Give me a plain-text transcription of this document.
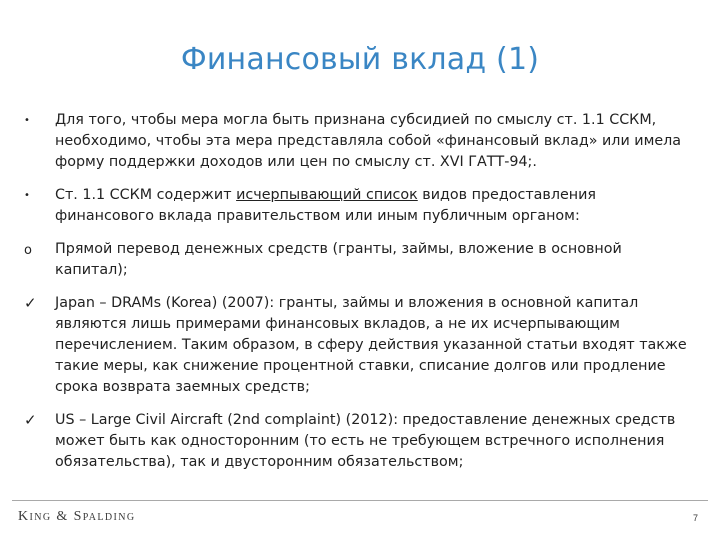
Финансовый вклад (1)
•	Для того, чтобы мера могла быть признана субсидией по смыслу ст. 1.1 ССКМ, необходимо, чтобы эта мера представляла собой «финансовый вклад» или имела форму поддержки доходов или цен по смыслу ст. XVI ГАТТ-94;.
•	Ст. 1.1 ССКМ содержит исчерпывающий список видов предоставления финансового вклада правительством или иным публичным органом:
o	Прямой перевод денежных средств (гранты, займы, вложение в основной капитал);
✓ Japan – DRAMs (Korea) (2007): гранты, займы и вложения в основной капитал являются лишь примерами финансовых вкладов, а не их исчерпывающим перечислением. Таким образом, в сферу действия указанной статьи входят также такие меры, как снижение процентной ставки, списание долгов или продление срока возврата заемных средств;
✓ US – Large Civil Aircraft (2nd complaint) (2012): предоставление денежных средств может быть как односторонним (то есть не требующем встречного исполнения обязательства), так и двусторонним обязательством;
King & Spalding	7
